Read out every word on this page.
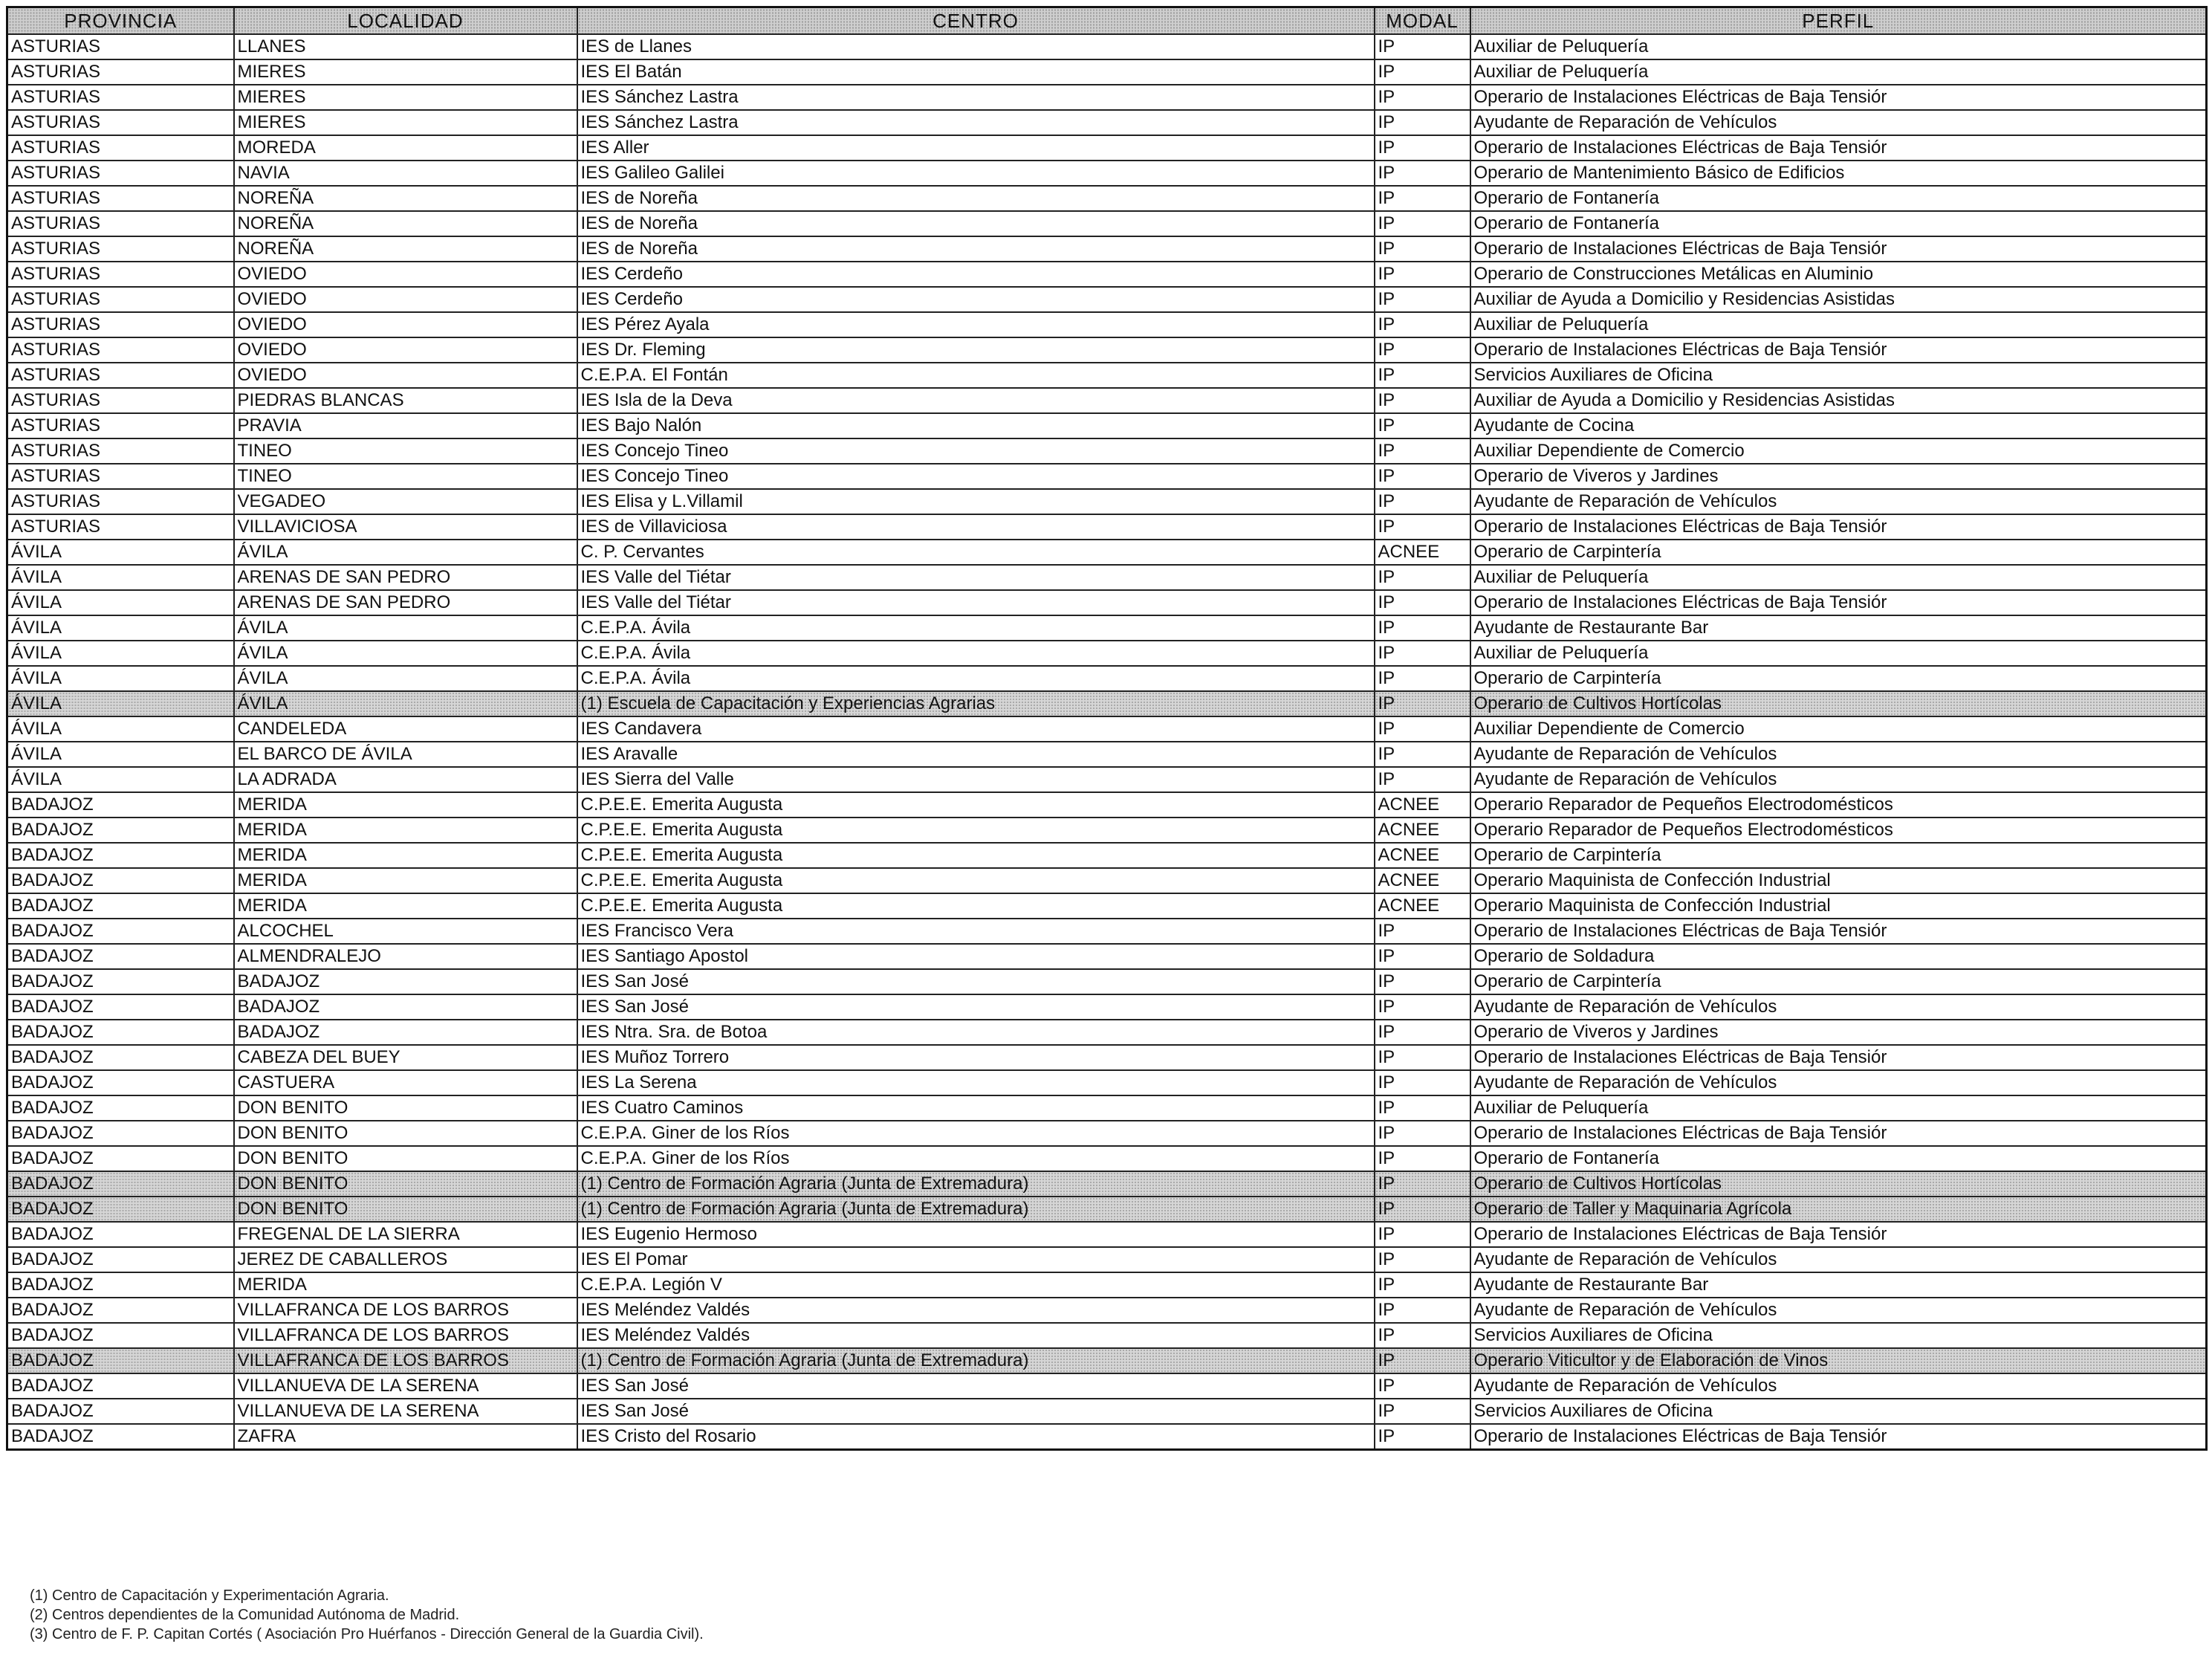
PROVINCIA	LOCALIDAD	CENTRO	MODAL	PERFIL
ASTURIAS	LLANES	IES de Llanes	IP	Auxiliar de Peluquería
ASTURIAS	MIERES	IES El Batán	IP	Auxiliar de Peluquería
ASTURIAS	MIERES	IES Sánchez Lastra	IP	Operario de Instalaciones Eléctricas de Baja Tensiór
ASTURIAS	MIERES	IES Sánchez Lastra	IP	Ayudante de Reparación de Vehículos
ASTURIAS	MOREDA	IES Aller	IP	Operario de Instalaciones Eléctricas de Baja Tensiór
ASTURIAS	NAVIA	IES Galileo Galilei	IP	Operario de Mantenimiento Básico de Edificios
ASTURIAS	NOREÑA	IES de Noreña	IP	Operario de Fontanería
ASTURIAS	NOREÑA	IES de Noreña	IP	Operario de Fontanería
ASTURIAS	NOREÑA	IES de Noreña	IP	Operario de Instalaciones Eléctricas de Baja Tensiór
ASTURIAS	OVIEDO	IES Cerdeño	IP	Operario de Construcciones Metálicas en Aluminio
ASTURIAS	OVIEDO	IES Cerdeño	IP	Auxiliar de Ayuda a Domicilio y Residencias Asistidas
ASTURIAS	OVIEDO	IES Pérez Ayala	IP	Auxiliar de Peluquería
ASTURIAS	OVIEDO	IES Dr. Fleming	IP	Operario de Instalaciones Eléctricas de Baja Tensiór
ASTURIAS	OVIEDO	C.E.P.A. El Fontán	IP	Servicios Auxiliares de Oficina
ASTURIAS	PIEDRAS BLANCAS	IES Isla de la Deva	IP	Auxiliar de Ayuda a Domicilio y Residencias Asistidas
ASTURIAS	PRAVIA	IES Bajo Nalón	IP	Ayudante de Cocina
ASTURIAS	TINEO	IES Concejo Tineo	IP	Auxiliar Dependiente de Comercio
ASTURIAS	TINEO	IES Concejo Tineo	IP	Operario de Viveros y Jardines
ASTURIAS	VEGADEO	IES Elisa y L.Villamil	IP	Ayudante de Reparación de Vehículos
ASTURIAS	VILLAVICIOSA	IES de Villaviciosa	IP	Operario de Instalaciones Eléctricas de Baja Tensiór
ÁVILA	ÁVILA	C. P. Cervantes	ACNEE	Operario de Carpintería
ÁVILA	ARENAS DE SAN PEDRO	IES Valle del Tiétar	IP	Auxiliar de Peluquería
ÁVILA	ARENAS DE SAN PEDRO	IES Valle del Tiétar	IP	Operario de Instalaciones Eléctricas de Baja Tensiór
ÁVILA	ÁVILA	C.E.P.A. Ávila	IP	Ayudante de Restaurante Bar
ÁVILA	ÁVILA	C.E.P.A. Ávila	IP	Auxiliar de Peluquería
ÁVILA	ÁVILA	C.E.P.A. Ávila	IP	Operario de Carpintería
ÁVILA	ÁVILA	(1) Escuela de Capacitación y Experiencias Agrarias	IP	Operario de Cultivos Hortícolas
ÁVILA	CANDELEDA	IES Candavera	IP	Auxiliar Dependiente de Comercio
ÁVILA	EL BARCO DE ÁVILA	IES Aravalle	IP	Ayudante de Reparación de Vehículos
ÁVILA	LA ADRADA	IES Sierra del Valle	IP	Ayudante de Reparación de Vehículos
BADAJOZ	MERIDA	C.P.E.E. Emerita Augusta	ACNEE	Operario Reparador de Pequeños Electrodomésticos
BADAJOZ	MERIDA	C.P.E.E. Emerita Augusta	ACNEE	Operario Reparador de Pequeños Electrodomésticos
BADAJOZ	MERIDA	C.P.E.E. Emerita Augusta	ACNEE	Operario de Carpintería
BADAJOZ	MERIDA	C.P.E.E. Emerita Augusta	ACNEE	Operario Maquinista de Confección Industrial
BADAJOZ	MERIDA	C.P.E.E. Emerita Augusta	ACNEE	Operario Maquinista de Confección Industrial
BADAJOZ	ALCOCHEL	IES Francisco Vera	IP	Operario de Instalaciones Eléctricas de Baja Tensiór
BADAJOZ	ALMENDRALEJO	IES Santiago Apostol	IP	Operario de Soldadura
BADAJOZ	BADAJOZ	IES San José	IP	Operario de Carpintería
BADAJOZ	BADAJOZ	IES San José	IP	Ayudante de Reparación de Vehículos
BADAJOZ	BADAJOZ	IES Ntra. Sra. de Botoa	IP	Operario de Viveros y Jardines
BADAJOZ	CABEZA DEL BUEY	IES Muñoz Torrero	IP	Operario de Instalaciones Eléctricas de Baja Tensiór
BADAJOZ	CASTUERA	IES La Serena	IP	Ayudante de Reparación de Vehículos
BADAJOZ	DON BENITO	IES Cuatro Caminos	IP	Auxiliar de Peluquería
BADAJOZ	DON BENITO	C.E.P.A. Giner de los Ríos	IP	Operario de Instalaciones Eléctricas de Baja Tensiór
BADAJOZ	DON BENITO	C.E.P.A. Giner de los Ríos	IP	Operario de Fontanería
BADAJOZ	DON BENITO	(1) Centro de Formación Agraria (Junta de Extremadura)	IP	Operario de Cultivos Hortícolas
BADAJOZ	DON BENITO	(1) Centro de Formación Agraria (Junta de Extremadura)	IP	Operario de Taller y Maquinaria Agrícola
BADAJOZ	FREGENAL DE LA SIERRA	IES Eugenio Hermoso	IP	Operario de Instalaciones Eléctricas de Baja Tensiór
BADAJOZ	JEREZ DE CABALLEROS	IES El Pomar	IP	Ayudante de Reparación de Vehículos
BADAJOZ	MERIDA	C.E.P.A. Legión V	IP	Ayudante de Restaurante Bar
BADAJOZ	VILLAFRANCA DE LOS BARROS	IES Meléndez Valdés	IP	Ayudante de Reparación de Vehículos
BADAJOZ	VILLAFRANCA DE LOS BARROS	IES Meléndez Valdés	IP	Servicios Auxiliares de Oficina
BADAJOZ	VILLAFRANCA DE LOS BARROS	(1) Centro de Formación Agraria (Junta de Extremadura)	IP	Operario Viticultor y de Elaboración de Vinos
BADAJOZ	VILLANUEVA DE LA SERENA	IES San José	IP	Ayudante de Reparación de Vehículos
BADAJOZ	VILLANUEVA DE LA SERENA	IES San José	IP	Servicios Auxiliares de Oficina
BADAJOZ	ZAFRA	IES Cristo del Rosario	IP	Operario de Instalaciones Eléctricas de Baja Tensiór
(1) Centro de Capacitación y Experimentación Agraria.
(2) Centros dependientes de la Comunidad Autónoma de Madrid.
(3) Centro de F. P. Capitan Cortés ( Asociación Pro Huérfanos - Dirección General de la Guardia Civil).
